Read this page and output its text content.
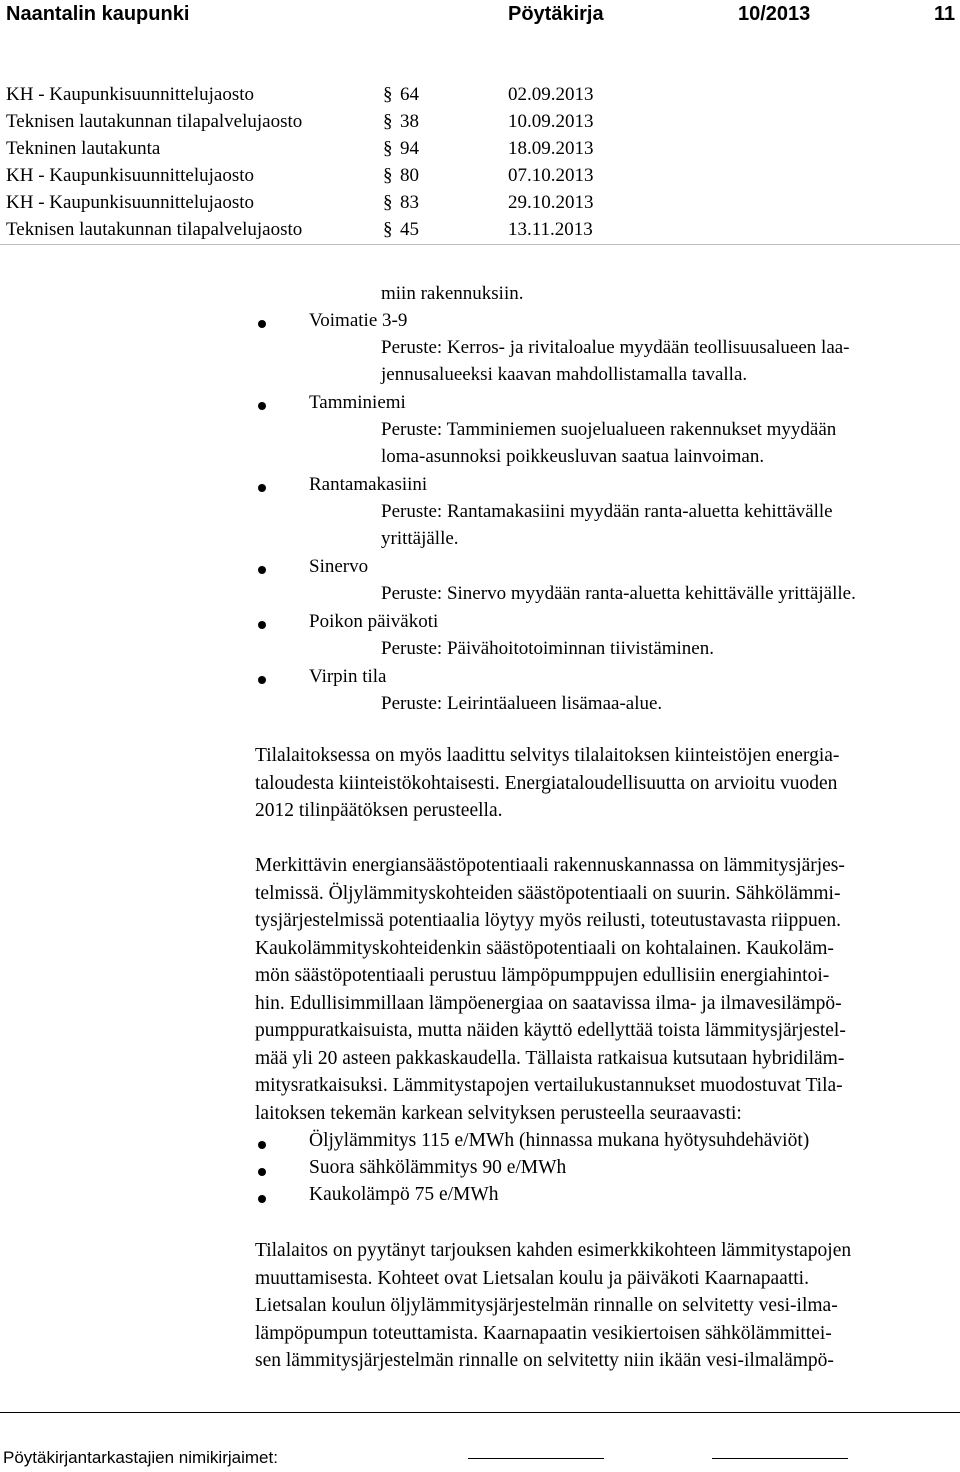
Naantalin kaupunki	Pöytäkirja	10/2013	11
KH - Kaupunkisuunnittelujaosto	§ 64	02.09.2013
Teknisen lautakunnan tilapalvelujaosto	§ 38	10.09.2013
Tekninen lautakunta	§ 94	18.09.2013
KH - Kaupunkisuunnittelujaosto	§ 80	07.10.2013
KH - Kaupunkisuunnittelujaosto	§ 83	29.10.2013
Teknisen lautakunnan tilapalvelujaosto	§ 45	13.11.2013
miin rakennuksiin.
Voimatie 3-9
Peruste: Kerros- ja rivitaloalue myydään teollisuusalueen laa-
jennusalueeksi kaavan mahdollistamalla tavalla.
Tamminiemi
Peruste: Tamminiemen suojelualueen rakennukset myydään
loma-asunnoksi poikkeusluvan saatua lainvoiman.
Rantamakasiini
Peruste: Rantamakasiini myydään ranta-aluetta kehittävälle
yrittäjälle.
Sinervo
Peruste: Sinervo myydään ranta-aluetta kehittävälle yrittäjälle.
Poikon päiväkoti
Peruste: Päivähoitotoiminnan tiivistäminen.
Virpin tila
Peruste: Leirintäalueen lisämaa-alue.
Tilalaitoksessa on myös laadittu selvitys tilalaitoksen kiinteistöjen energia-
taloudesta kiinteistökohtaisesti. Energiataloudellisuutta on arvioitu vuoden
2012 tilinpäätöksen perusteella.
Merkittävin energiansäästöpotentiaali rakennuskannassa on lämmitysjärjes-
telmissä. Öljylämmityskohteiden säästöpotentiaali on suurin. Sähkölämmi-
tysjärjestelmissä potentiaalia löytyy myös reilusti, toteutustavasta riippuen.
Kaukolämmityskohteidenkin säästöpotentiaali on kohtalainen. Kaukoläm-
mön säästöpotentiaali perustuu lämpöpumppujen edullisiin energiahintoi-
hin. Edullisimmillaan lämpöenergiaa on saatavissa ilma- ja ilmavesilämpö-
pumppuratkaisuista, mutta näiden käyttö edellyttää toista lämmitysjärjestel-
mää yli 20 asteen pakkaskaudella. Tällaista ratkaisua kutsutaan hybridiläm-
mitysratkaisuksi. Lämmitystapojen vertailukustannukset muodostuvat Tila-
laitoksen tekemän karkean selvityksen perusteella seuraavasti:
Öljylämmitys 115 e/MWh (hinnassa mukana hyötysuhdehäviöt)
Suora sähkölämmitys 90 e/MWh
Kaukolämpö 75 e/MWh
Tilalaitos on pyytänyt tarjouksen kahden esimerkkikohteen lämmitystapojen
muuttamisesta. Kohteet ovat Lietsalan koulu ja päiväkoti Kaarnapaatti.
Lietsalan koulun öljylämmitysjärjestelmän rinnalle on selvitetty vesi-ilma-
lämpöpumpun toteuttamista. Kaarnapaatin vesikiertoisen sähkölämmittei-
sen lämmitysjärjestelmän rinnalle on selvitetty niin ikään vesi-ilmalämpö-
Pöytäkirjantarkastajien nimikirjaimet:
